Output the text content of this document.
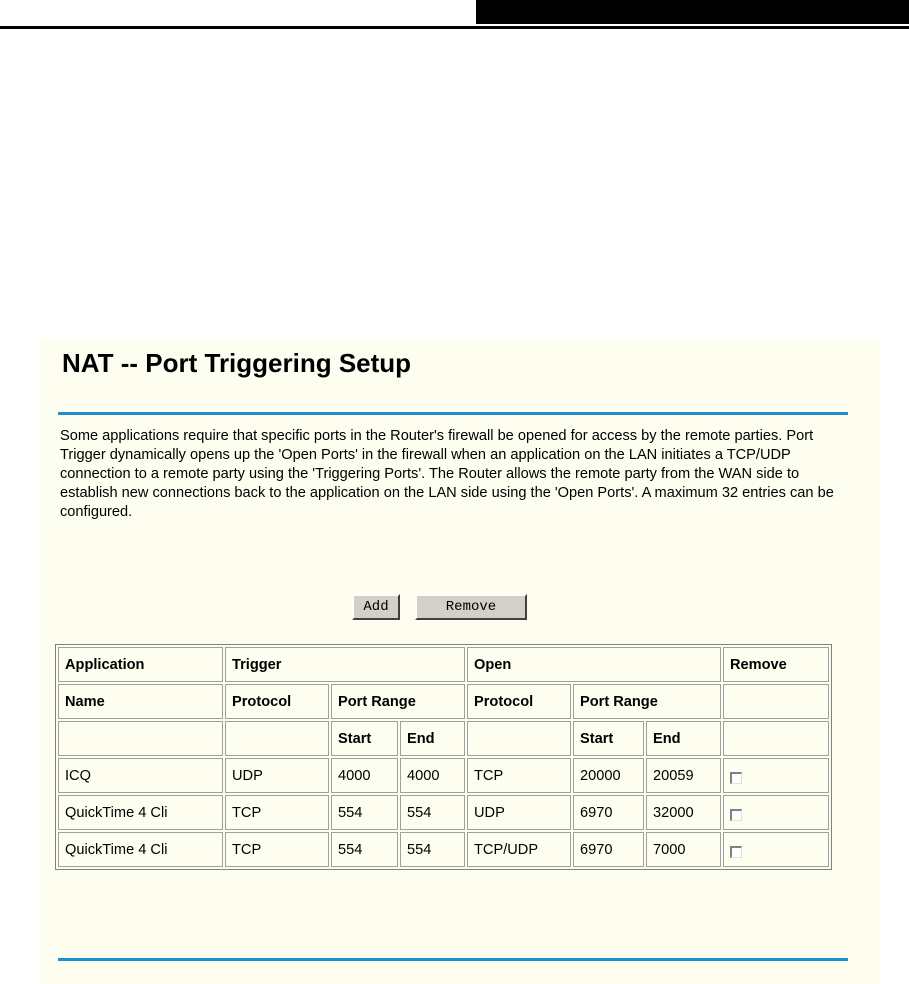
NAT -- Port Triggering Setup
Some applications require that specific ports in the Router's firewall be opened for access by the remote parties. Port Trigger dynamically opens up the 'Open Ports' in the firewall when an application on the LAN initiates a TCP/UDP connection to a remote party using the 'Triggering Ports'. The Router allows the remote party from the WAN side to establish new connections back to the application on the LAN side using the 'Open Ports'. A maximum 32 entries can be configured.
Add	Remove
Application	Trigger			Open			Remove
Name	Protocol	Port Range		Protocol	Port Range		
		Start	End		Start	End	
ICQ	UDP	4000	4000	TCP	20000	20059	
QuickTime 4 Cli	TCP	554	554	UDP	6970	32000	
QuickTime 4 Cli	TCP	554	554	TCP/UDP	6970	7000	
